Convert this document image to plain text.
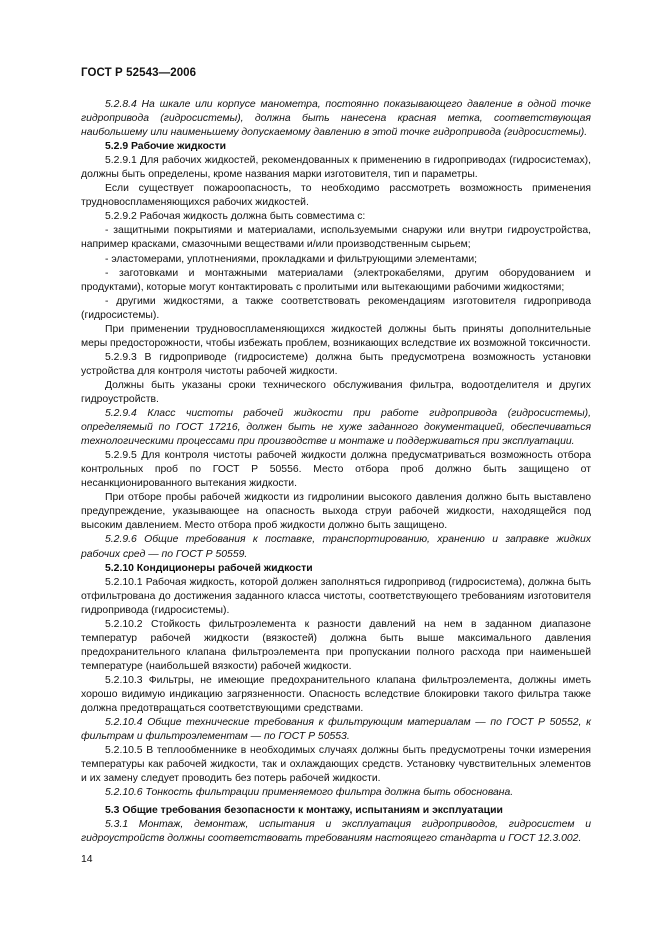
ГОСТ Р 52543—2006

5.2.8.4 На шкале или корпусе манометра, постоянно показывающего давление в одной точке гидропривода (гидросистемы), должна быть нанесена красная метка, соответствующая наибольшему или наименьшему допускаемому давлению в этой точке гидропривода (гидросистемы).

5.2.9 Рабочие жидкости

5.2.9.1 Для рабочих жидкостей, рекомендованных к применению в гидроприводах (гидросистемах), должны быть определены, кроме названия марки изготовителя, тип и параметры.

Если существует пожароопасность, то необходимо рассмотреть возможность применения трудновоспламеняющихся рабочих жидкостей.

5.2.9.2 Рабочая жидкость должна быть совместима с:

- защитными покрытиями и материалами, используемыми снаружи или внутри гидроустройства, например красками, смазочными веществами и/или производственным сырьем;

- эластомерами, уплотнениями, прокладками и фильтрующими элементами;

- заготовками и монтажными материалами (электрокабелями, другим оборудованием и продуктами), которые могут контактировать с пролитыми или вытекающими рабочими жидкостями;

- другими жидкостями, а также соответствовать рекомендациям изготовителя гидропривода (гидросистемы).

При применении трудновоспламеняющихся жидкостей должны быть приняты дополнительные меры предосторожности, чтобы избежать проблем, возникающих вследствие их возможной токсичности.

5.2.9.3 В гидроприводе (гидросистеме) должна быть предусмотрена возможность установки устройства для контроля чистоты рабочей жидкости.

Должны быть указаны сроки технического обслуживания фильтра, водоотделителя и других гидроустройств.

5.2.9.4 Класс чистоты рабочей жидкости при работе гидропривода (гидросистемы), определяемый по ГОСТ 17216, должен быть не хуже заданного документацией, обеспечиваться технологическими процессами при производстве и монтаже и поддерживаться при эксплуатации.

5.2.9.5 Для контроля чистоты рабочей жидкости должна предусматриваться возможность отбора контрольных проб по ГОСТ Р 50556. Место отбора проб должно быть защищено от несанкционированного вытекания жидкости.

При отборе пробы рабочей жидкости из гидролинии высокого давления должно быть выставлено предупреждение, указывающее на опасность выхода струи рабочей жидкости, находящейся под высоким давлением. Место отбора проб жидкости должно быть защищено.

5.2.9.6 Общие требования к поставке, транспортированию, хранению и заправке жидких рабочих сред — по ГОСТ Р 50559.

5.2.10 Кондиционеры рабочей жидкости

5.2.10.1 Рабочая жидкость, которой должен заполняться гидропривод (гидросистема), должна быть отфильтрована до достижения заданного класса чистоты, соответствующего требованиям изготовителя гидропривода (гидросистемы).

5.2.10.2 Стойкость фильтроэлемента к разности давлений на нем в заданном диапазоне температур рабочей жидкости (вязкостей) должна быть выше максимального давления предохранительного клапана фильтроэлемента при пропускании полного расхода при наименьшей температуре (наибольшей вязкости) рабочей жидкости.

5.2.10.3 Фильтры, не имеющие предохранительного клапана фильтроэлемента, должны иметь хорошо видимую индикацию загрязненности. Опасность вследствие блокировки такого фильтра также должна предотвращаться соответствующими средствами.

5.2.10.4 Общие технические требования к фильтрующим материалам — по ГОСТ Р 50552, к фильтрам и фильтроэлементам — по ГОСТ Р 50553.

5.2.10.5 В теплообменнике в необходимых случаях должны быть предусмотрены точки измерения температуры как рабочей жидкости, так и охлаждающих средств. Установку чувствительных элементов и их замену следует проводить без потерь рабочей жидкости.

5.2.10.6 Тонкость фильтрации применяемого фильтра должна быть обоснована.

5.3 Общие требования безопасности к монтажу, испытаниям и эксплуатации

5.3.1 Монтаж, демонтаж, испытания и эксплуатация гидроприводов, гидросистем и гидроустройств должны соответствовать требованиям настоящего стандарта и ГОСТ 12.3.002.

14
